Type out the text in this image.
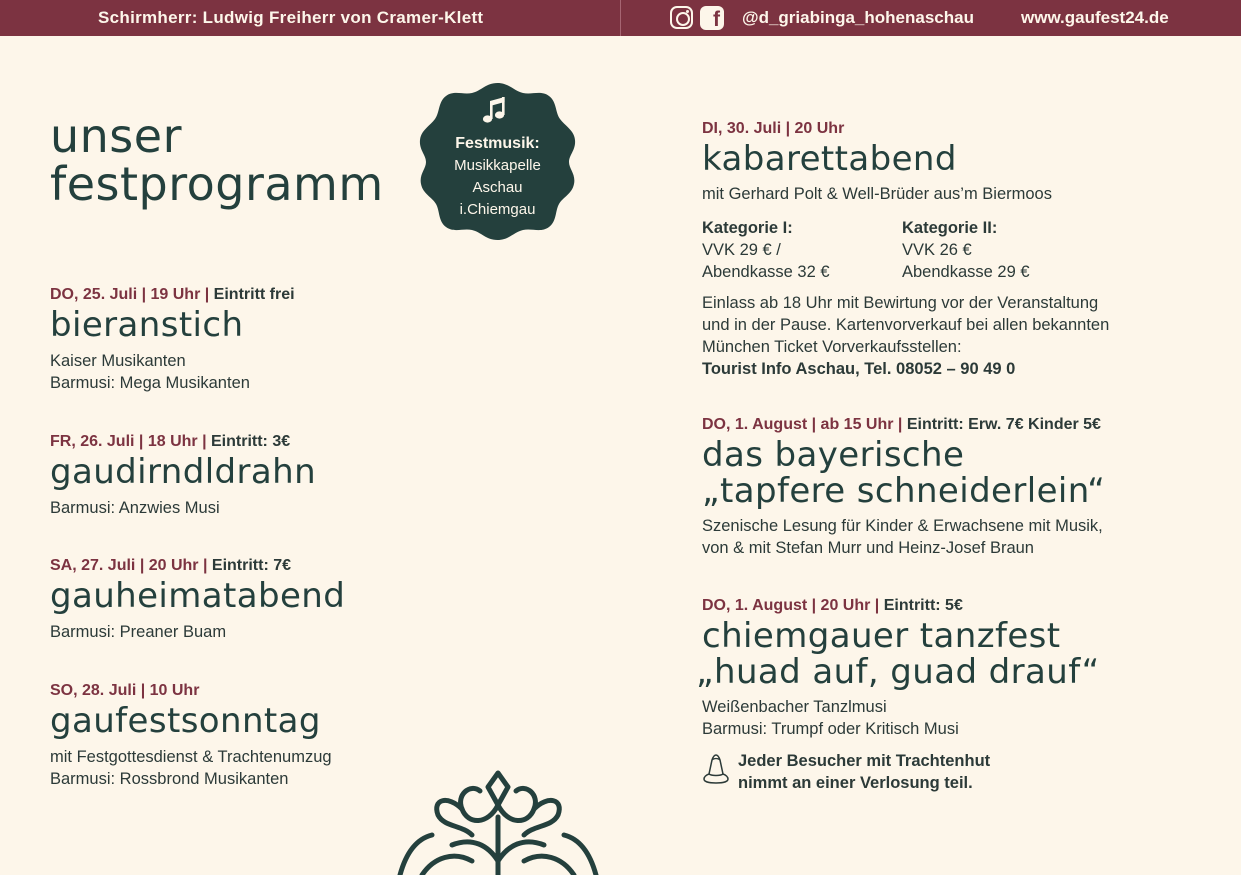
Schirmherr: Ludwig Freiherr von Cramer-Klett	f @d_griabinga_hohenaschau	www.gaufest24.de
unser
festprogramm
Festmusik:
Musikkapelle
Aschau
i.Chiemgau
DO, 25. Juli | 19 Uhr | Eintritt frei
bieranstich
Kaiser Musikanten
Barmusi: Mega Musikanten
FR, 26. Juli | 18 Uhr | Eintritt: 3€
gaudirndldrahn
Barmusi: Anzwies Musi
SA, 27. Juli | 20 Uhr | Eintritt: 7€
gauheimatabend
Barmusi: Preaner Buam
SO, 28. Juli | 10 Uhr
gaufestsonntag
mit Festgottesdienst & Trachtenumzug
Barmusi: Rossbrond Musikanten
DI, 30. Juli | 20 Uhr
kabarettabend
mit Gerhard Polt & Well-Brüder aus’m Biermoos
Kategorie I:
VVK 29 € /
Abendkasse 32 €
Kategorie II:
VVK 26 €
Abendkasse 29 €
Einlass ab 18 Uhr mit Bewirtung vor der Veranstaltung
und in der Pause. Kartenvorverkauf bei allen bekannten
München Ticket Vorverkaufsstellen:
Tourist Info Aschau, Tel. 08052 – 90 49 0
DO, 1. August | ab 15 Uhr | Eintritt: Erw. 7€ Kinder 5€
das bayerische
„tapfere schneiderlein“
Szenische Lesung für Kinder & Erwachsene mit Musik,
von & mit Stefan Murr und Heinz-Josef Braun
DO, 1. August | 20 Uhr | Eintritt: 5€
chiemgauer tanzfest
„huad auf, guad drauf“
Weißenbacher Tanzlmusi
Barmusi: Trumpf oder Kritisch Musi
Jeder Besucher mit Trachtenhut
nimmt an einer Verlosung teil.
